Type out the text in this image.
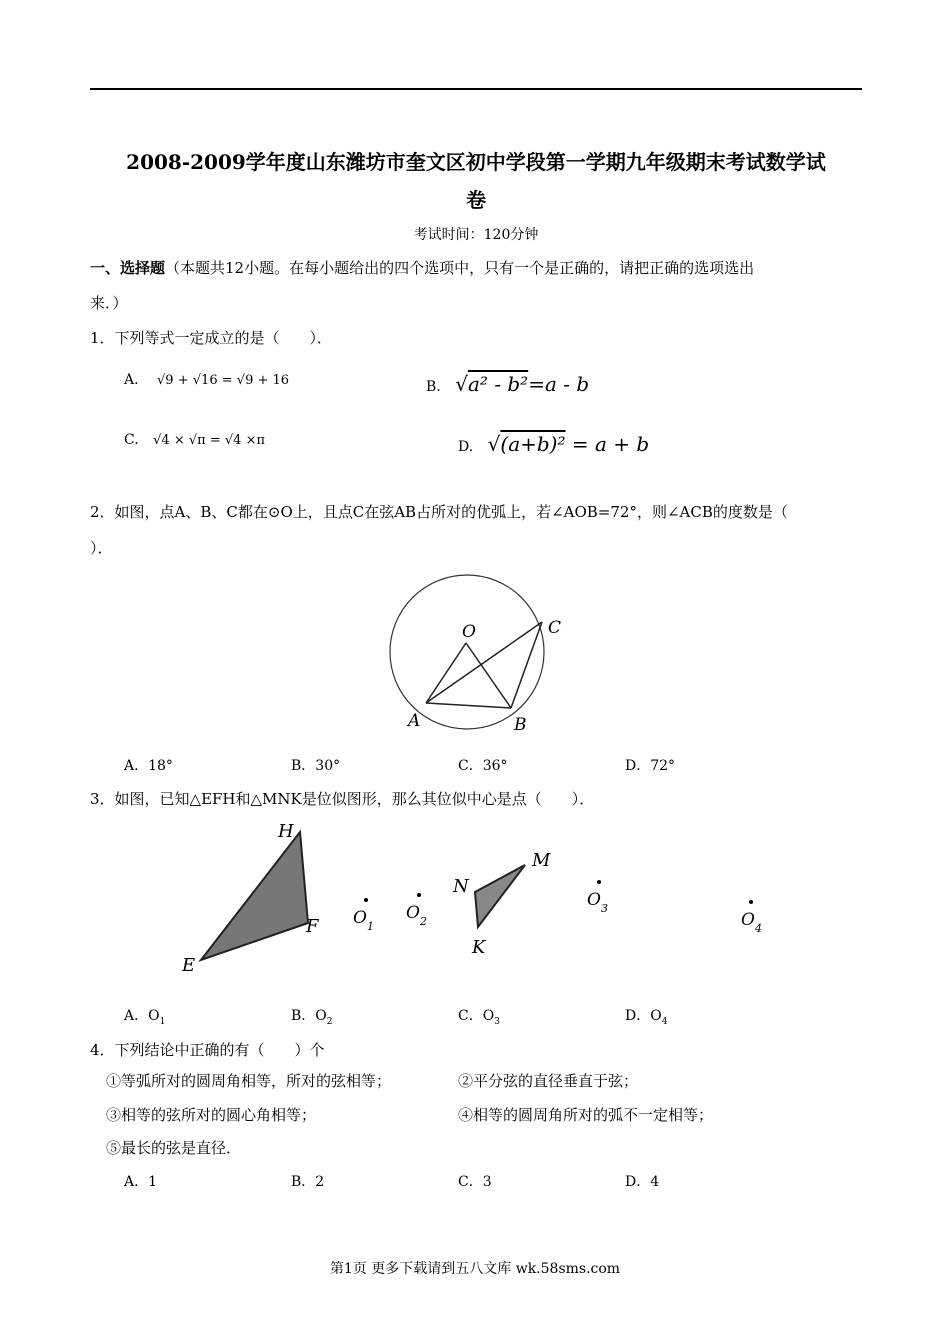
2008-2009学年度山东潍坊市奎文区初中学段第一学期九年级期末考试数学试
卷
考试时间：120分钟
一、选择题（本题共12小题。在每小题给出的四个选项中，只有一个是正确的，请把正确的选项选出
来．）
1．下列等式一定成立的是（　　）．
A. √9 + √16 = √9 + 16	B. √a² - b²=a - b
C. √4 × √π = √4 ×π	D. √(a+b)² = a + b
2．如图，点A、B、C都在⊙O上，且点C在弦AB占所对的优弧上，若∠AOB=72°，则∠ACB的度数是（
）．
O	C
A	B
A．18°	B．30°	C．36°	D．72°
3．如图，已知△EFH和△MNK是位似图形，那么其位似中心是点（　　）．
H
F
E
N
M
K
O 1
O 2
O 3
O 4
A．$O_1$	B．$O_2$	C．$O_3$	D．$O_4$
4．下列结论中正确的有（　　）个
①等弧所对的圆周角相等，所对的弦相等；	②平分弦的直径垂直于弦；
③相等的弦所对的圆心角相等；	④相等的圆周角所对的弧不一定相等；
⑤最长的弦是直径．
A．1	B．2	C．3	D．4
第1页 更多下载请到五八文库 wk.58sms.com
